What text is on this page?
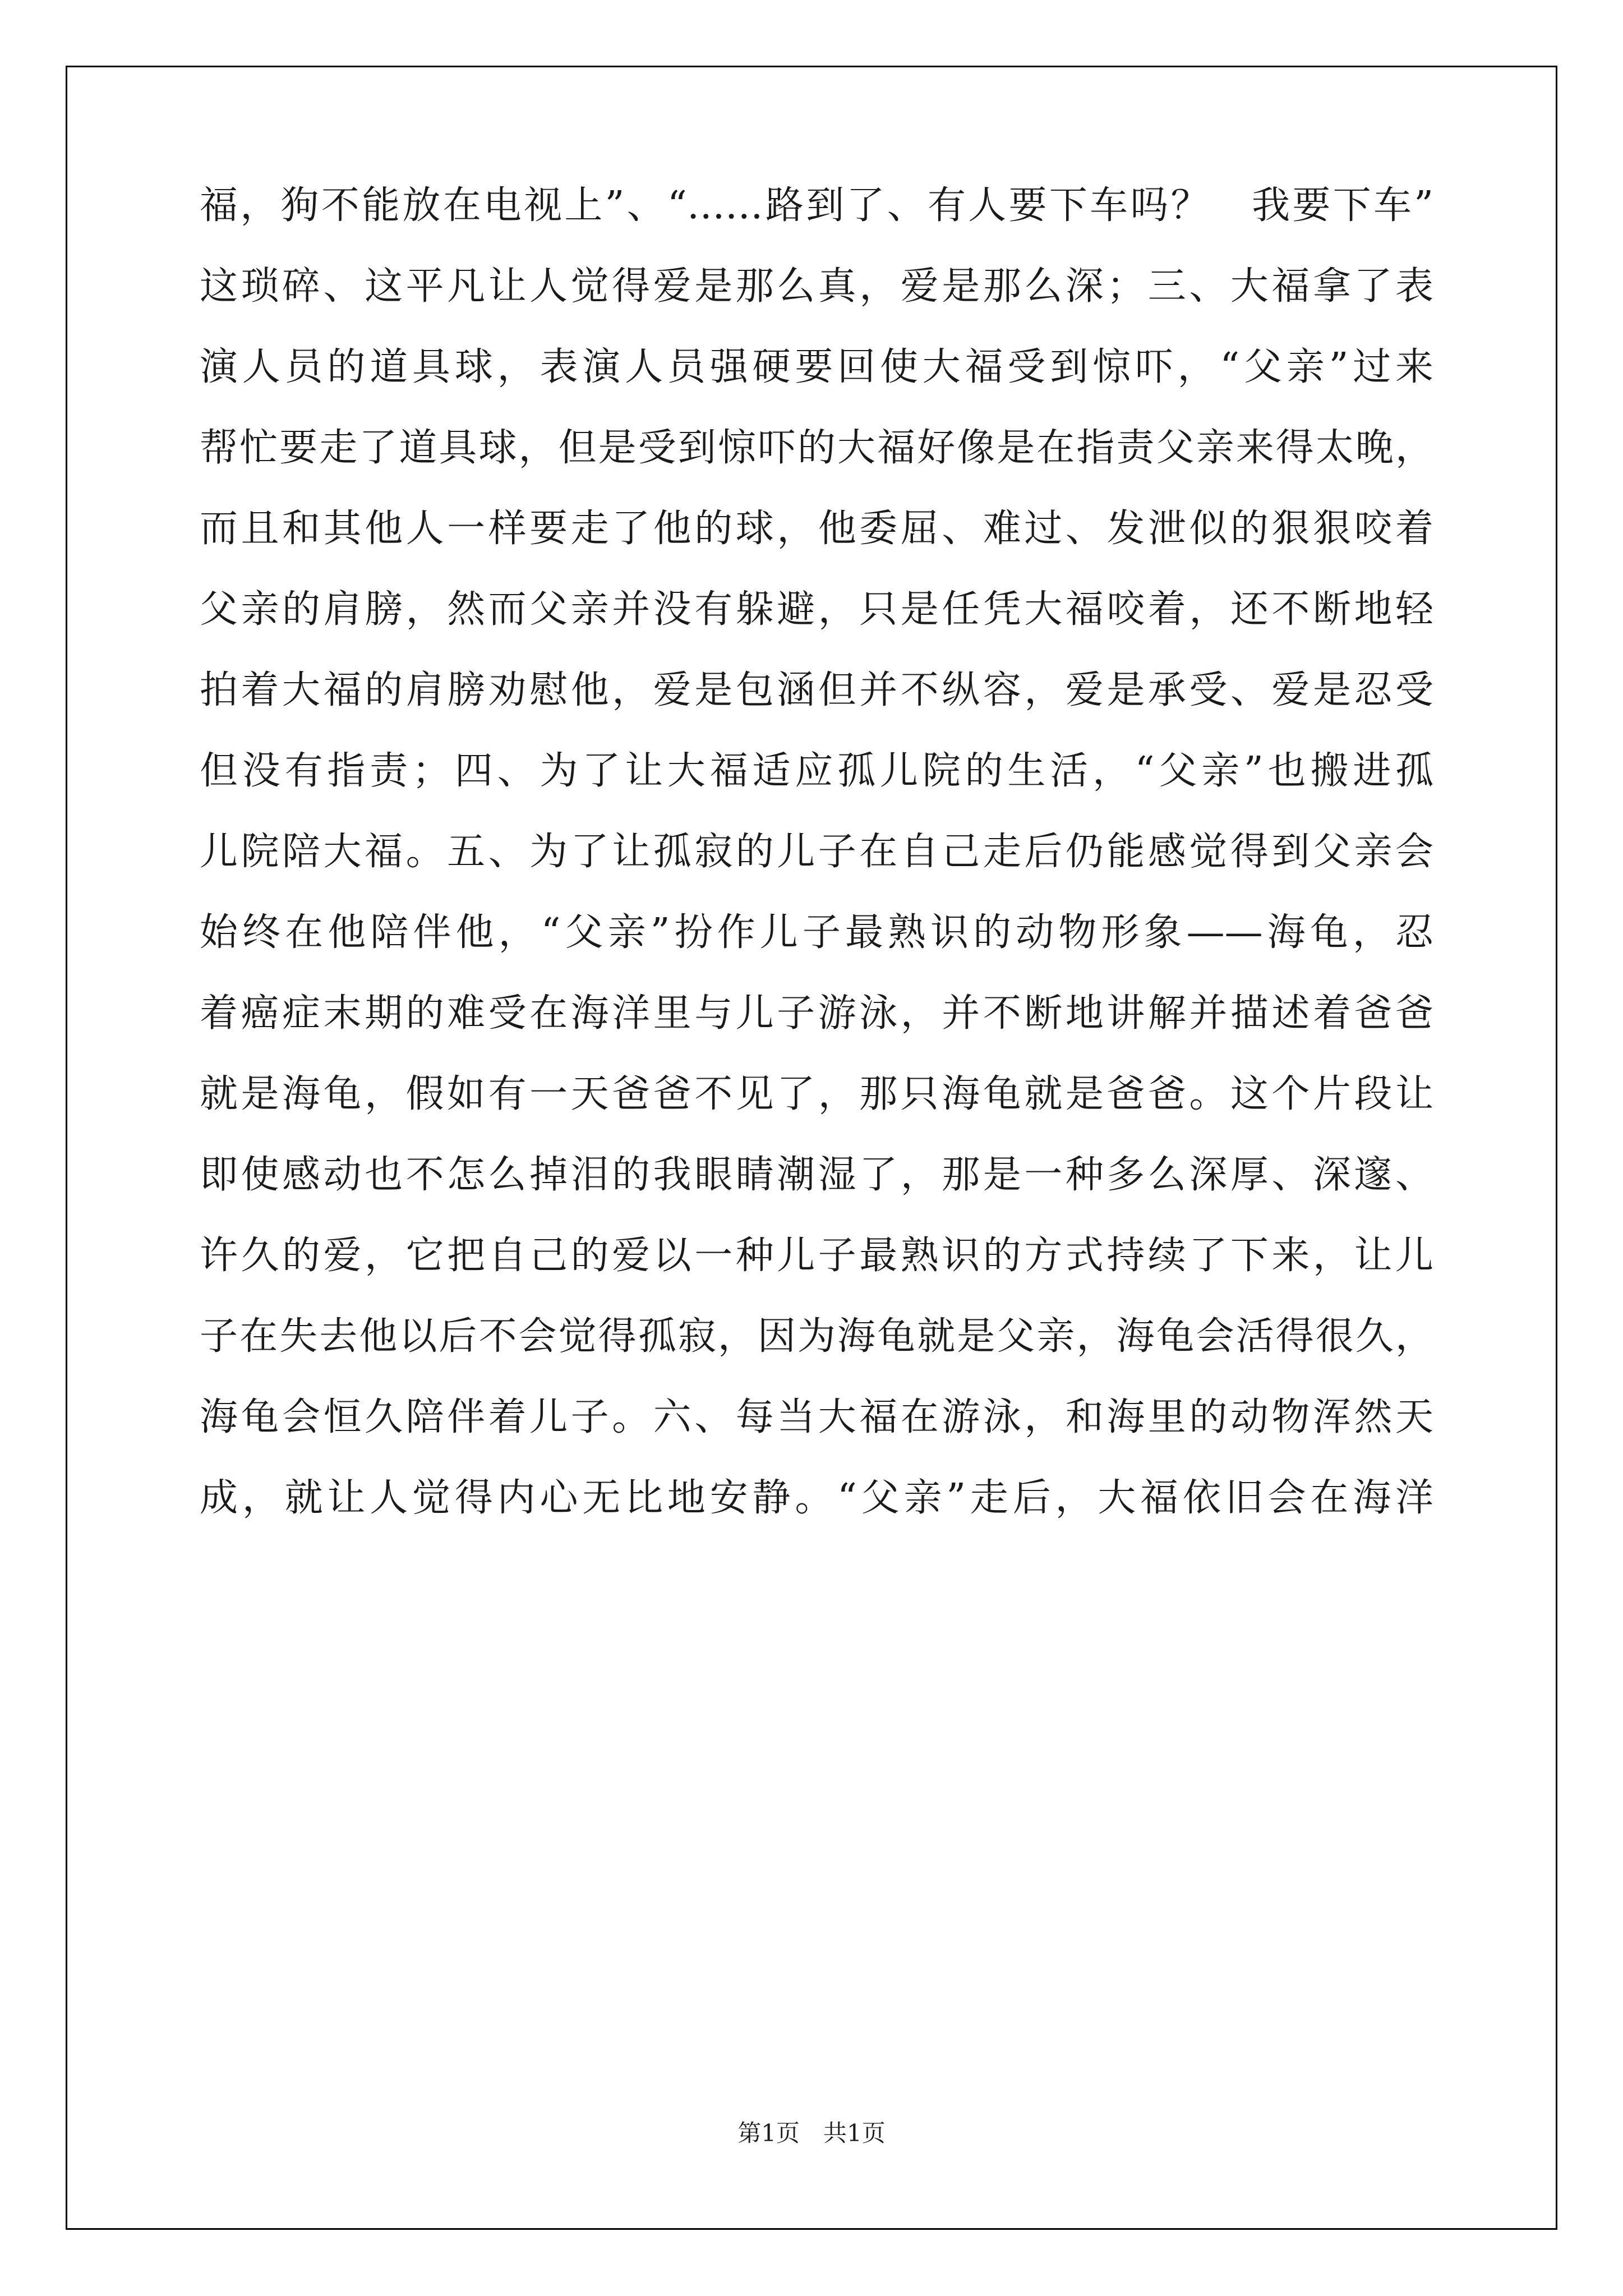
福，狗不能放在电视上”、“……路到了、有人要下车吗？　我要下车”
这琐碎、这平凡让人觉得爱是那么真，爱是那么深；三、大福拿了表
演人员的道具球，表演人员强硬要回使大福受到惊吓，“父亲”过来
帮忙要走了道具球，但是受到惊吓的大福好像是在指责父亲来得太晚，
而且和其他人一样要走了他的球，他委屈、难过、发泄似的狠狠咬着
父亲的肩膀，然而父亲并没有躲避，只是任凭大福咬着，还不断地轻
拍着大福的肩膀劝慰他，爱是包涵但并不纵容，爱是承受、爱是忍受
但没有指责；四、为了让大福适应孤儿院的生活，“父亲”也搬进孤
儿院陪大福。五、为了让孤寂的儿子在自己走后仍能感觉得到父亲会
始终在他陪伴他，“父亲”扮作儿子最熟识的动物形象——海龟，忍
着癌症末期的难受在海洋里与儿子游泳，并不断地讲解并描述着爸爸
就是海龟，假如有一天爸爸不见了，那只海龟就是爸爸。这个片段让
即使感动也不怎么掉泪的我眼睛潮湿了，那是一种多么深厚、深邃、
许久的爱，它把自己的爱以一种儿子最熟识的方式持续了下来，让儿
子在失去他以后不会觉得孤寂，因为海龟就是父亲，海龟会活得很久，
海龟会恒久陪伴着儿子。六、每当大福在游泳，和海里的动物浑然天
成，就让人觉得内心无比地安静。“父亲”走后，大福依旧会在海洋
第1页　共1页
